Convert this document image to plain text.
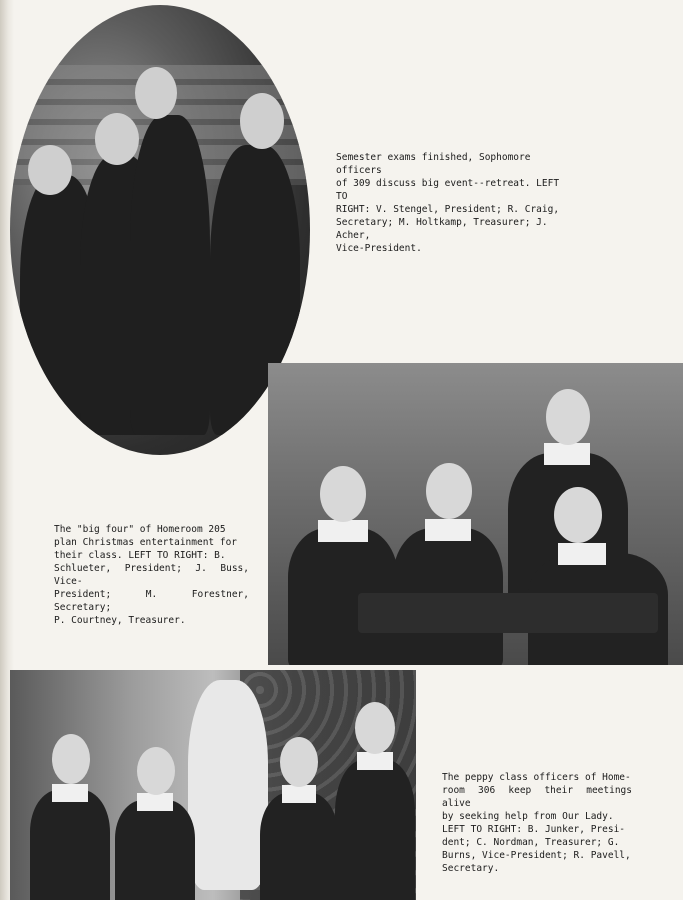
Semester exams finished, Sophomore officers
of 309 discuss big event--retreat. LEFT TO
RIGHT: V. Stengel, President; R. Craig,
Secretary; M. Holtkamp, Treasurer; J. Acher,
Vice-President.
The "big four" of Homeroom 205
plan Christmas entertainment for
their class. LEFT TO RIGHT: B.
Schlueter, President; J. Buss, Vice-
President; M. Forestner, Secretary;
P. Courtney, Treasurer.
The peppy class officers of Home-
room 306 keep their meetings alive
by seeking help from Our Lady.
LEFT TO RIGHT: B. Junker, Presi-
dent; C. Nordman, Treasurer; G.
Burns, Vice-President; R. Pavell,
Secretary.
